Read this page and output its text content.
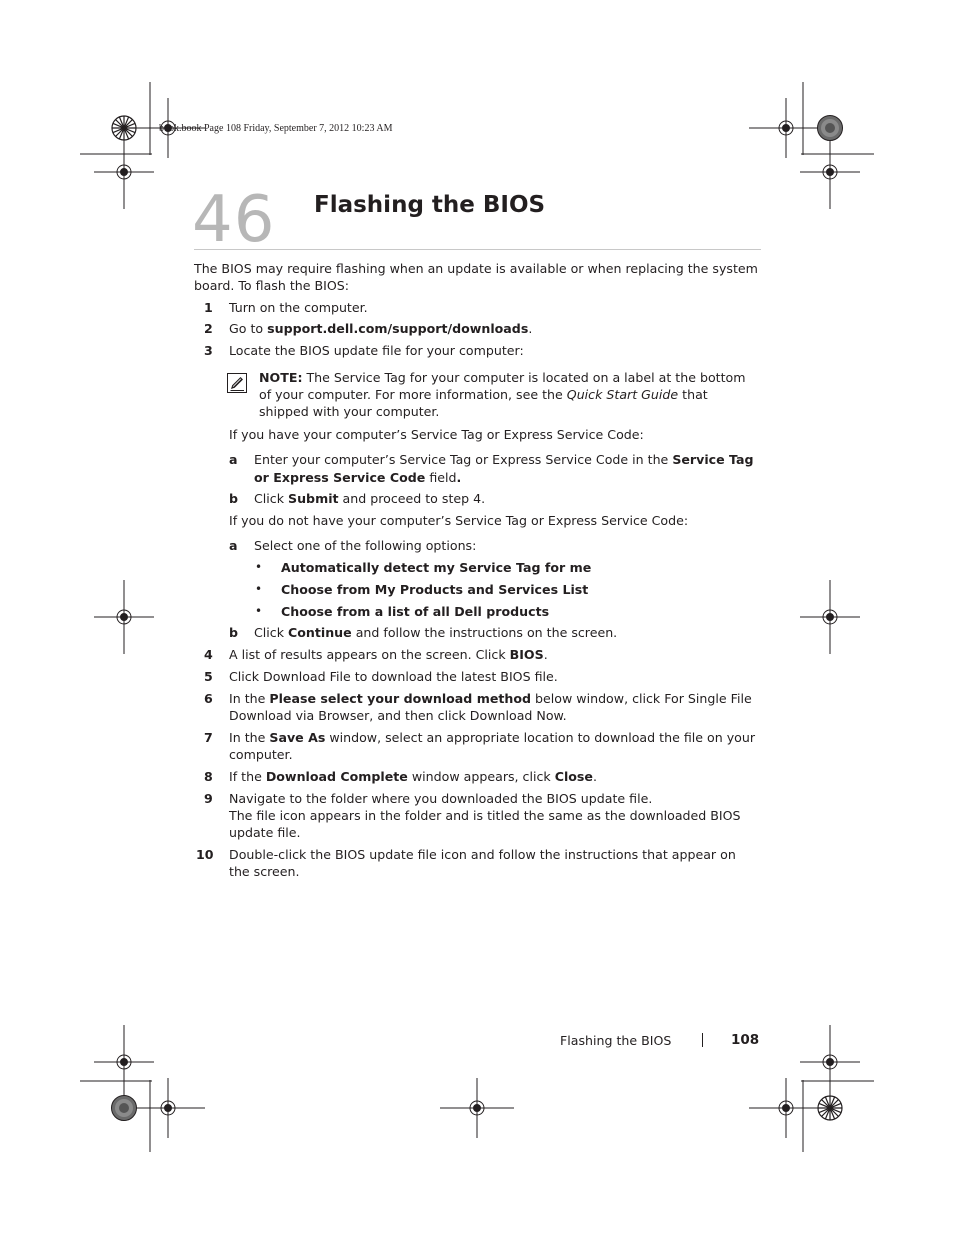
book.book Page 108 Friday, September 7, 2012 10:23 AM
46 Flashing the BIOS
The BIOS may require flashing when an update is available or when replacing the system
board. To flash the BIOS:
1 Turn on the computer.
2 Go to support.dell.com/support/downloads.
3 Locate the BIOS update file for your computer:
NOTE: The Service Tag for your computer is located on a label at the bottom
of your computer. For more information, see the Quick Start Guide that
shipped with your computer.
If you have your computer’s Service Tag or Express Service Code:
a Enter your computer’s Service Tag or Express Service Code in the Service Tag
or Express Service Code field.
b Click Submit and proceed to step 4.
If you do not have your computer’s Service Tag or Express Service Code:
a Select one of the following options:
• Automatically detect my Service Tag for me
• Choose from My Products and Services List
• Choose from a list of all Dell products
b Click Continue and follow the instructions on the screen.
4 A list of results appears on the screen. Click BIOS.
5 Click Download File to download the latest BIOS file.
6 In the Please select your download method below window, click For Single File
Download via Browser, and then click Download Now.
7 In the Save As window, select an appropriate location to download the file on your
computer.
8 If the Download Complete window appears, click Close.
9 Navigate to the folder where you downloaded the BIOS update file.
The file icon appears in the folder and is titled the same as the downloaded BIOS
update file.
10 Double-click the BIOS update file icon and follow the instructions that appear on
the screen.
Flashing the BIOS	108
